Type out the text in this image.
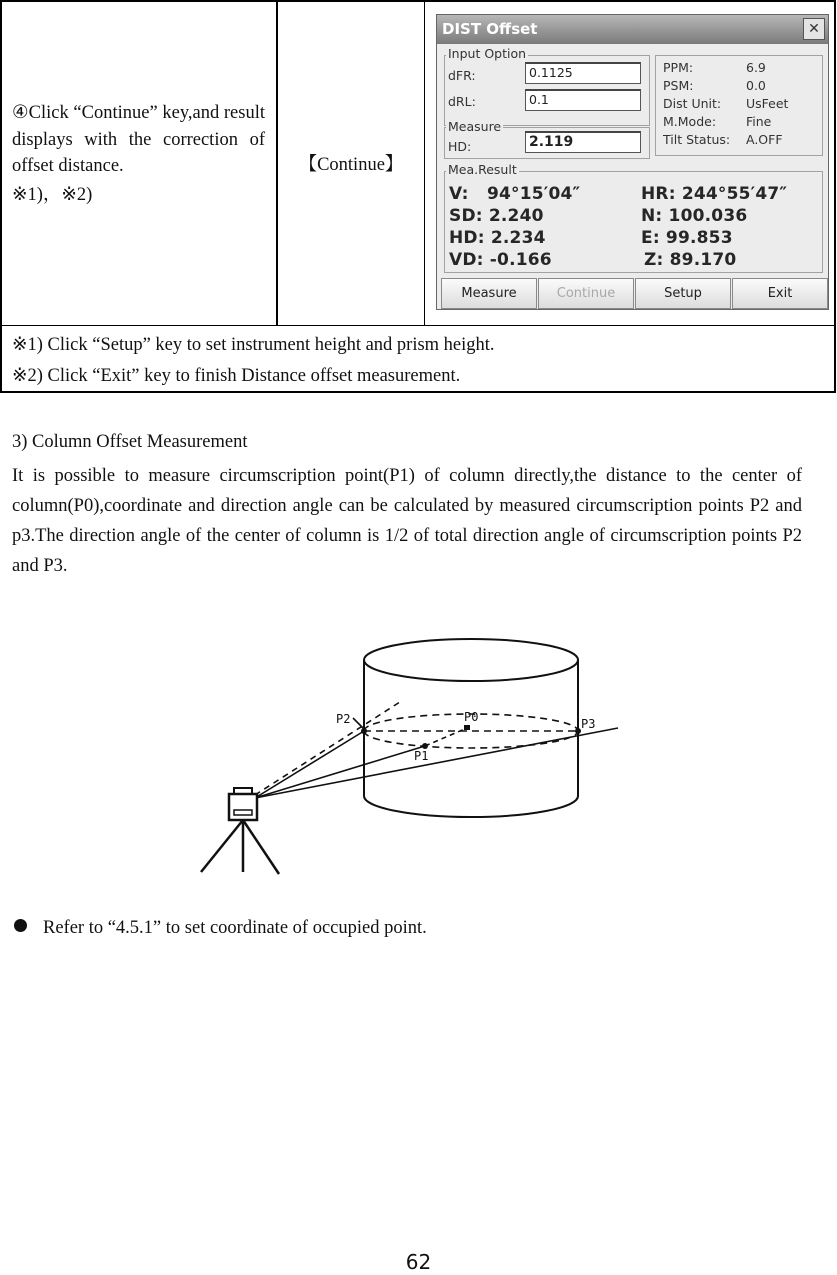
④Click “Continue” key,and result displays with the correction of offset distance.
※1)，※2)
【Continue】
※1) Click “Setup” key to set instrument height and prism height.
※2) Click “Exit” key to finish Distance offset measurement.
DIST Offset	✕
Input Option
dFR:	0.1125
dRL:	0.1
PPM:	6.9
PSM:	0.0
Dist Unit: UsFeet
M.Mode: Fine
Tilt Status: A.OFF
Measure
HD:	2.119
Mea.Result
V:   94°15′04″	HR: 244°55′47″
SD: 2.240	N: 100.036
HD: 2.234	E: 99.853
VD: -0.166	Z: 89.170
Measure	Continue	Setup	Exit
3) Column Offset Measurement
It is possible to measure circumscription point(P1) of column directly,the distance to the center of column(P0),coordinate and direction angle can be calculated by measured circumscription points P2 and p3.The direction angle of the center of column is 1/2 of total direction angle of circumscription points P2 and P3.
P2	P0
P1
P3
Refer to “4.5.1” to set coordinate of occupied point.
62
